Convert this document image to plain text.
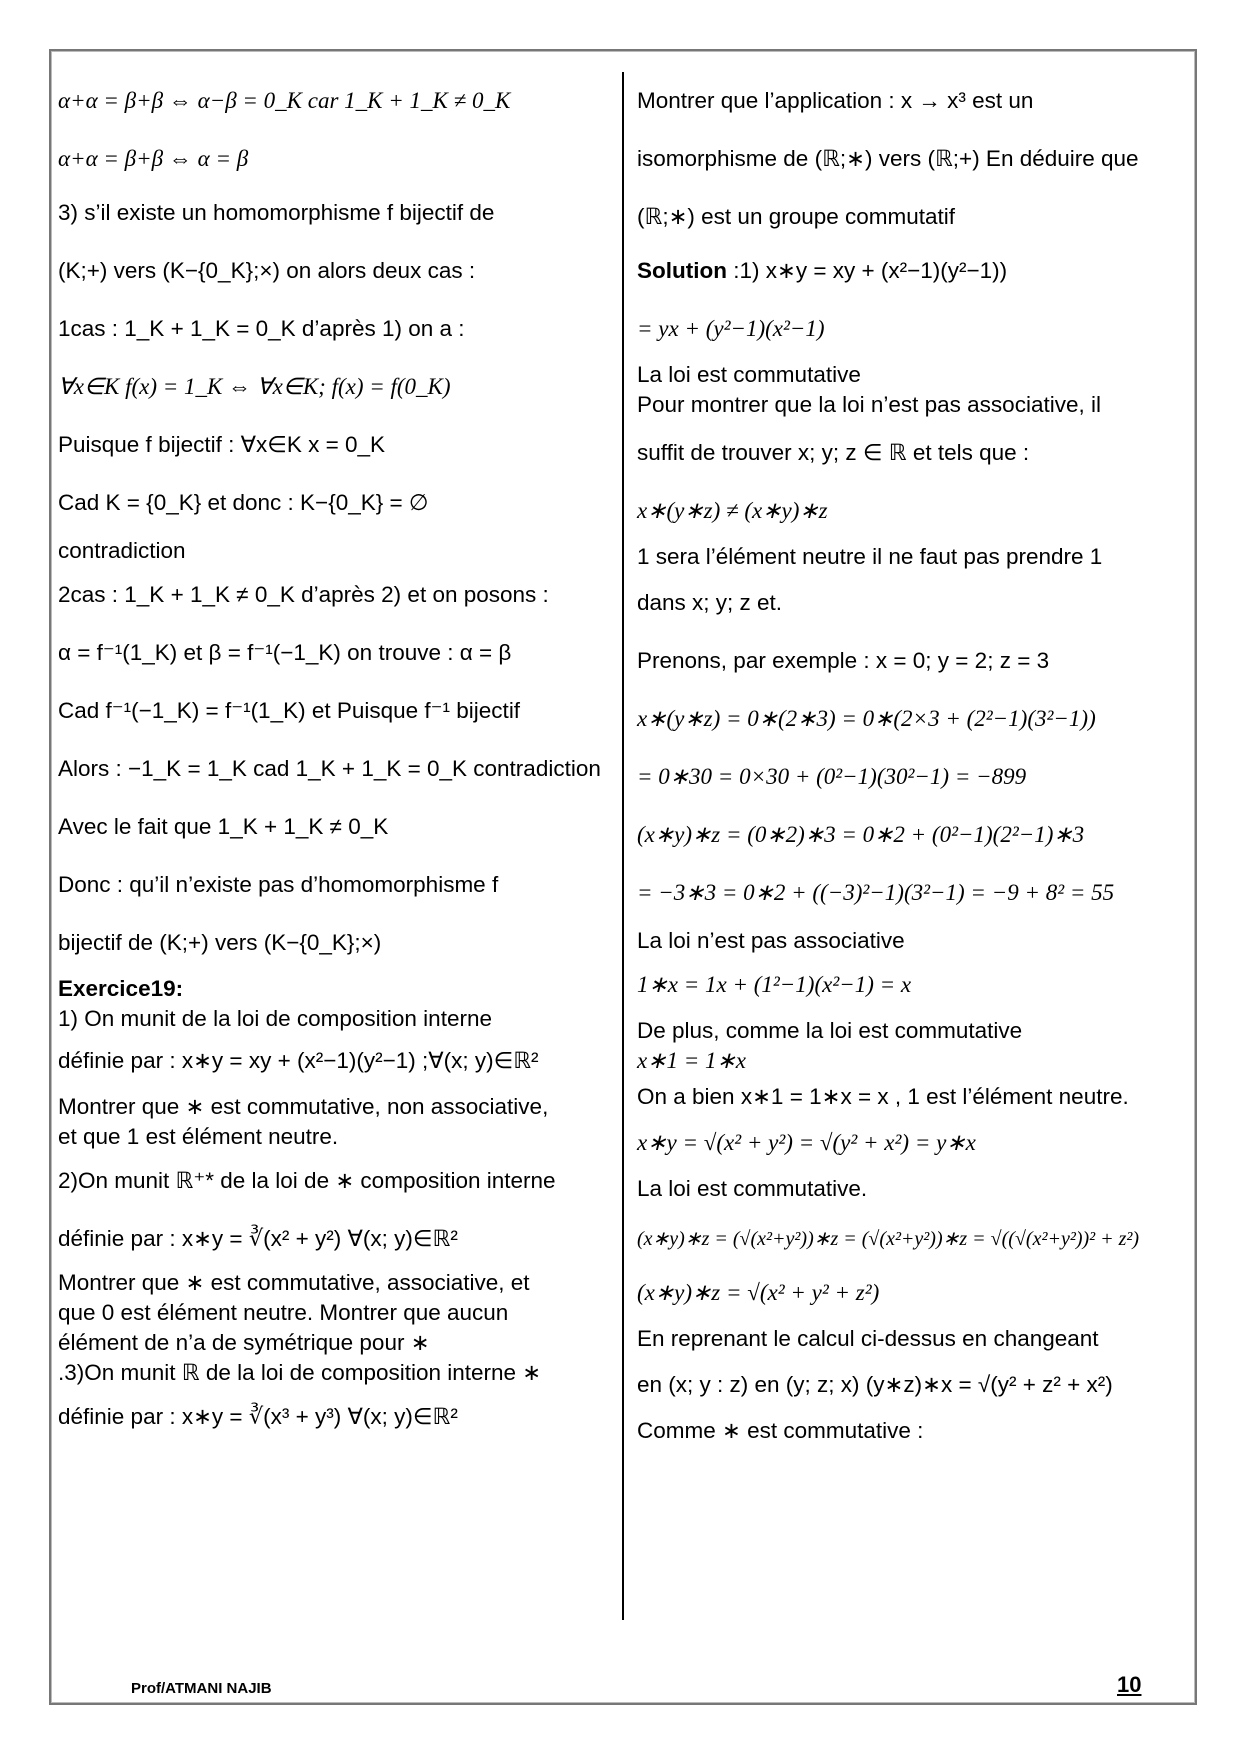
α+α = β+β ⇔ α−β = 0_K car 1_K + 1_K ≠ 0_K
α+α = β+β ⇔ α = β
3) s’il existe un homomorphisme f bijectif de
(K;+) vers (K−{0_K};×) on alors deux cas :
1cas : 1_K + 1_K = 0_K d’après 1) on a :
∀x∈K f(x) = 1_K ⇔ ∀x∈K; f(x) = f(0_K)
Puisque f bijectif : ∀x∈K x = 0_K
Cad K = {0_K} et donc : K−{0_K} = ∅
contradiction
2cas : 1_K + 1_K ≠ 0_K d’après 2) et on posons :
α = f⁻¹(1_K) et β = f⁻¹(−1_K) on trouve : α = β
Cad f⁻¹(−1_K) = f⁻¹(1_K) et Puisque f⁻¹ bijectif
Alors : −1_K = 1_K cad 1_K + 1_K = 0_K contradiction
Avec le fait que 1_K + 1_K ≠ 0_K
Donc : qu’il n’existe pas d’homomorphisme f
bijectif de (K;+) vers (K−{0_K};×)
Exercice19:
1) On munit de la loi de composition interne
définie par : x∗y = xy + (x²−1)(y²−1) ;∀(x; y)∈ℝ²
Montrer que ∗ est commutative, non associative,
et que 1 est élément neutre.
2)On munit ℝ⁺* de la loi de ∗ composition interne
définie par : x∗y = ∛(x² + y²) ∀(x; y)∈ℝ²
Montrer que ∗ est commutative, associative, et
que 0 est élément neutre. Montrer que aucun
élément de n’a de symétrique pour ∗
.3)On munit ℝ de la loi de composition interne ∗
définie par : x∗y = ∛(x³ + y³) ∀(x; y)∈ℝ²
Montrer que l’application : x → x³ est un
isomorphisme de (ℝ;∗) vers (ℝ;+) En déduire que
(ℝ;∗) est un groupe commutatif
Solution :1) x∗y = xy + (x²−1)(y²−1))
= yx + (y²−1)(x²−1)
La loi est commutative
Pour montrer que la loi n’est pas associative, il
suffit de trouver x; y; z ∈ ℝ et tels que :
x∗(y∗z) ≠ (x∗y)∗z
1 sera l’élément neutre il ne faut pas prendre 1
dans x; y; z et.
Prenons, par exemple : x = 0; y = 2; z = 3
x∗(y∗z) = 0∗(2∗3) = 0∗(2×3 + (2²−1)(3²−1))
= 0∗30 = 0×30 + (0²−1)(30²−1) = −899
(x∗y)∗z = (0∗2)∗3 = 0∗2 + (0²−1)(2²−1)∗3
= −3∗3 = 0∗2 + ((−3)²−1)(3²−1) = −9 + 8² = 55
La loi n’est pas associative
1∗x = 1x + (1²−1)(x²−1) = x
De plus, comme la loi est commutative
x∗1 = 1∗x
On a bien x∗1 = 1∗x = x , 1 est l’élément neutre.
x∗y = √(x² + y²) = √(y² + x²) = y∗x
La loi est commutative.
(x∗y)∗z = (√(x²+y²))∗z = (√(x²+y²))∗z = √((√(x²+y²))² + z²)
(x∗y)∗z = √(x² + y² + z²)
En reprenant le calcul ci-dessus en changeant
en (x; y : z) en (y; z; x) (y∗z)∗x = √(y² + z² + x²)
Comme ∗ est commutative :
Prof/ATMANI NAJIB	10
